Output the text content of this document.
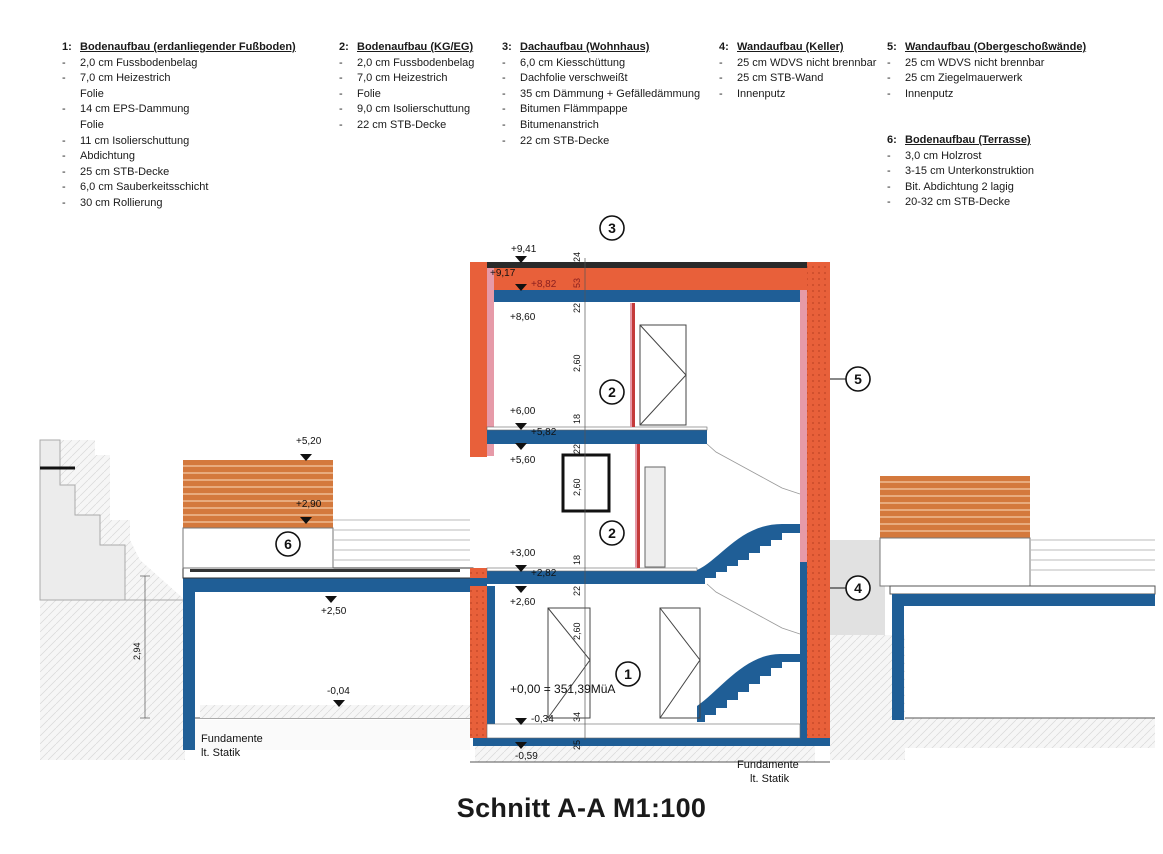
1: Bodenaufbau (erdanliegender Fußboden)
- 2,0 cm Fussbodenbelag
- 7,0 cm Heizestrich
Folie
- 14 cm EPS-Dammung
Folie
- 11 cm Isolierschuttung
- Abdichtung
- 25 cm STB-Decke
- 6,0 cm Sauberkeitsschicht
- 30 cm Rollierung
2: Bodenaufbau (KG/EG)
- 2,0 cm Fussbodenbelag
- 7,0 cm Heizestrich
- Folie
- 9,0 cm Isolierschuttung
- 22 cm STB-Decke
3: Dachaufbau (Wohnhaus)
- 6,0 cm Kiesschüttung
- Dachfolie verschweißt
- 35 cm Dämmung + Gefälledämmung
- Bitumen Flämmpappe
- Bitumenanstrich
- 22 cm STB-Decke
4: Wandaufbau (Keller)
- 25 cm WDVS nicht brennbar
- 25 cm STB-Wand
- Innenputz
5: Wandaufbau (Obergeschoßwände)
- 25 cm WDVS nicht brennbar
- 25 cm Ziegelmauerwerk
- Innenputz
6: Bodenaufbau (Terrasse)
- 3,0 cm Holzrost
- 3-15 cm Unterkonstruktion
- Bit. Abdichtung 2 lagig
- 20-32 cm STB-Decke
+9,41
+9,17
+8,82
+8,60
+6,00
+5,82
+5,60
+5,20
+2,90
+3,00
+2,82
+2,60
+2,50
+0,00 = 351,39MüA
-0,34
-0,04
-0,59
24
53
22
2,60
18
22
2,60
18
22
2,60
34
25
2,94
3
2
2
1
5
4
6
Fundamente
lt. Statik
Fundamente
lt. Statik
Schnitt A-A M1:100
